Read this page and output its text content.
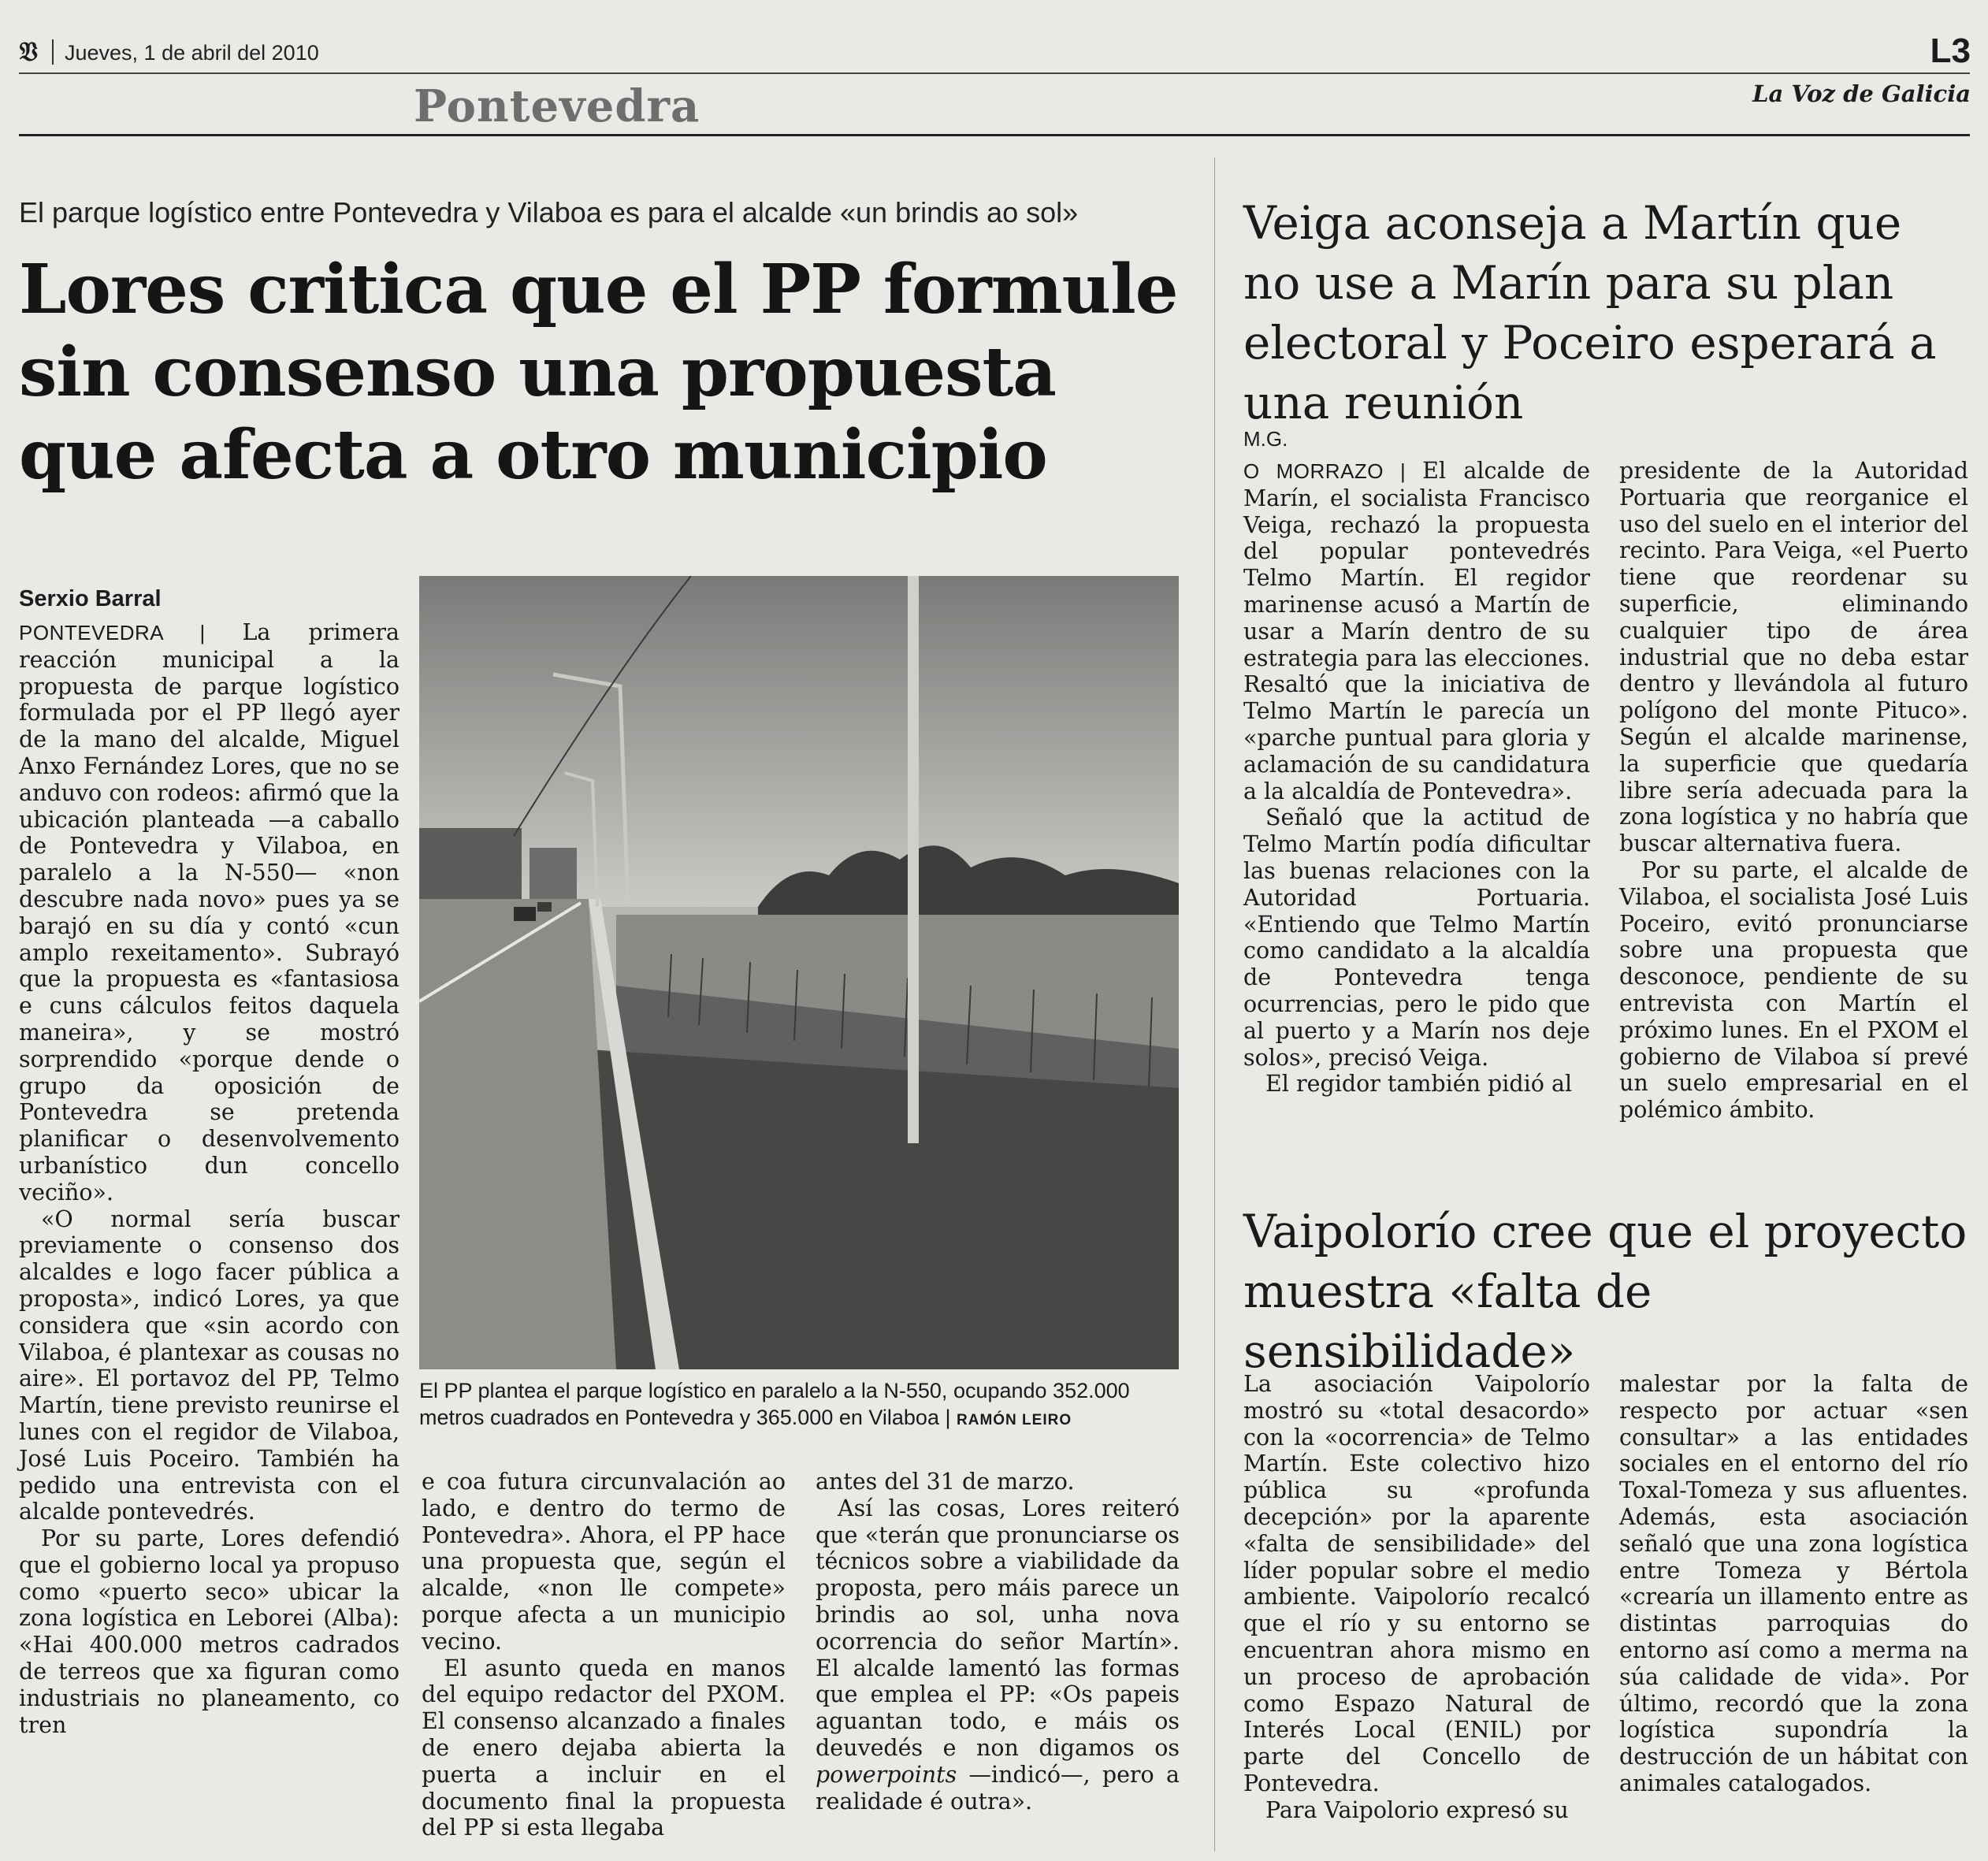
𝔙	Jueves, 1 de abril del 2010	L3
Pontevedra	La Voz de Galicia
El parque logístico entre Pontevedra y Vilaboa es para el alcalde «un brindis ao sol»
Lores critica que el PP formule sin consenso una propuesta que afecta a otro municipio
Serxio Barral

PONTEVEDRA | La primera reacción municipal a la propuesta de parque logístico formulada por el PP llegó ayer de la mano del alcalde, Miguel Anxo Fernández Lores, que no se anduvo con rodeos: afirmó que la ubicación planteada —a caballo de Pontevedra y Vilaboa, en paralelo a la N-550— «non descubre nada novo» pues ya se barajó en su día y contó «cun amplo rexeitamento». Subrayó que la propuesta es «fantasiosa e cuns cálculos feitos daquela maneira», y se mostró sorprendido «porque dende o grupo da oposición de Pontevedra se pretenda planificar o desenvolvemento urbanístico dun concello veciño».

«O normal sería buscar previamente o consenso dos alcaldes e logo facer pública a proposta», indicó Lores, ya que considera que «sin acordo con Vilaboa, é plantexar as cousas no aire». El portavoz del PP, Telmo Martín, tiene previsto reunirse el lunes con el regidor de Vilaboa, José Luis Poceiro. También ha pedido una entrevista con el alcalde pontevedrés.

Por su parte, Lores defendió que el gobierno local ya propuso como «puerto seco» ubicar la zona logística en Leborei (Alba): «Hai 400.000 metros cadrados de terreos que xa figuran como industriais no planeamento, co tren

El PP plantea el parque logístico en paralelo a la N-550, ocupando 352.000 metros cuadrados en Pontevedra y 365.000 en Vilaboa | RAMÓN LEIRO

e coa futura circunvalación ao lado, e dentro do termo de Pontevedra». Ahora, el PP hace una propuesta que, según el alcalde, «non lle compete» porque afecta a un municipio vecino.

El asunto queda en manos del equipo redactor del PXOM. El consenso alcanzado a finales de enero dejaba abierta la puerta a incluir en el documento final la propuesta del PP si esta llegaba

antes del 31 de marzo.

Así las cosas, Lores reiteró que «terán que pronunciarse os técnicos sobre a viabilidade da proposta, pero máis parece un brindis ao sol, unha nova ocorrencia do señor Martín». El alcalde lamentó las formas que emplea el PP: «Os papeis aguantan todo, e máis os deuvedés e non digamos os powerpoints —indicó—, pero a realidade é outra».

Veiga aconseja a Martín que no use a Marín para su plan electoral y Poceiro esperará a una reunión
M.G.

O MORRAZO | El alcalde de Marín, el socialista Francisco Veiga, rechazó la propuesta del popular pontevedrés Telmo Martín. El regidor marinense acusó a Martín de usar a Marín dentro de su estrategia para las elecciones. Resaltó que la iniciativa de Telmo Martín le parecía un «parche puntual para gloria y aclamación de su candidatura a la alcaldía de Pontevedra».

Señaló que la actitud de Telmo Martín podía dificultar las buenas relaciones con la Autoridad Portuaria. «Entiendo que Telmo Martín como candidato a la alcaldía de Pontevedra tenga ocurrencias, pero le pido que al puerto y a Marín nos deje solos», precisó Veiga.

El regidor también pidió al

presidente de la Autoridad Portuaria que reorganice el uso del suelo en el interior del recinto. Para Veiga, «el Puerto tiene que reordenar su superficie, eliminando cualquier tipo de área industrial que no deba estar dentro y llevándola al futuro polígono del monte Pituco». Según el alcalde marinense, la superficie que quedaría libre sería adecuada para la zona logística y no habría que buscar alternativa fuera.

Por su parte, el alcalde de Vilaboa, el socialista José Luis Poceiro, evitó pronunciarse sobre una propuesta que desconoce, pendiente de su entrevista con Martín el próximo lunes. En el PXOM el gobierno de Vilaboa sí prevé un suelo empresarial en el polémico ámbito.

Vaipolorío cree que el proyecto muestra «falta de sensibilidade»

La asociación Vaipolorío mostró su «total desacordo» con la «ocorrencia» de Telmo Martín. Este colectivo hizo pública su «profunda decepción» por la aparente «falta de sensibilidade» del líder popular sobre el medio ambiente. Vaipolorío recalcó que el río y su entorno se encuentran ahora mismo en un proceso de aprobación como Espazo Natural de Interés Local (ENIL) por parte del Concello de Pontevedra.

Para Vaipolorio expresó su

malestar por la falta de respecto por actuar «sen consultar» a las entidades sociales en el entorno del río Toxal-Tomeza y sus afluentes. Además, esta asociación señaló que una zona logística entre Tomeza y Bértola «crearía un illamento entre as distintas parroquias do entorno así como a merma na súa calidade de vida». Por último, recordó que la zona logística supondría la destrucción de un hábitat con animales catalogados.
